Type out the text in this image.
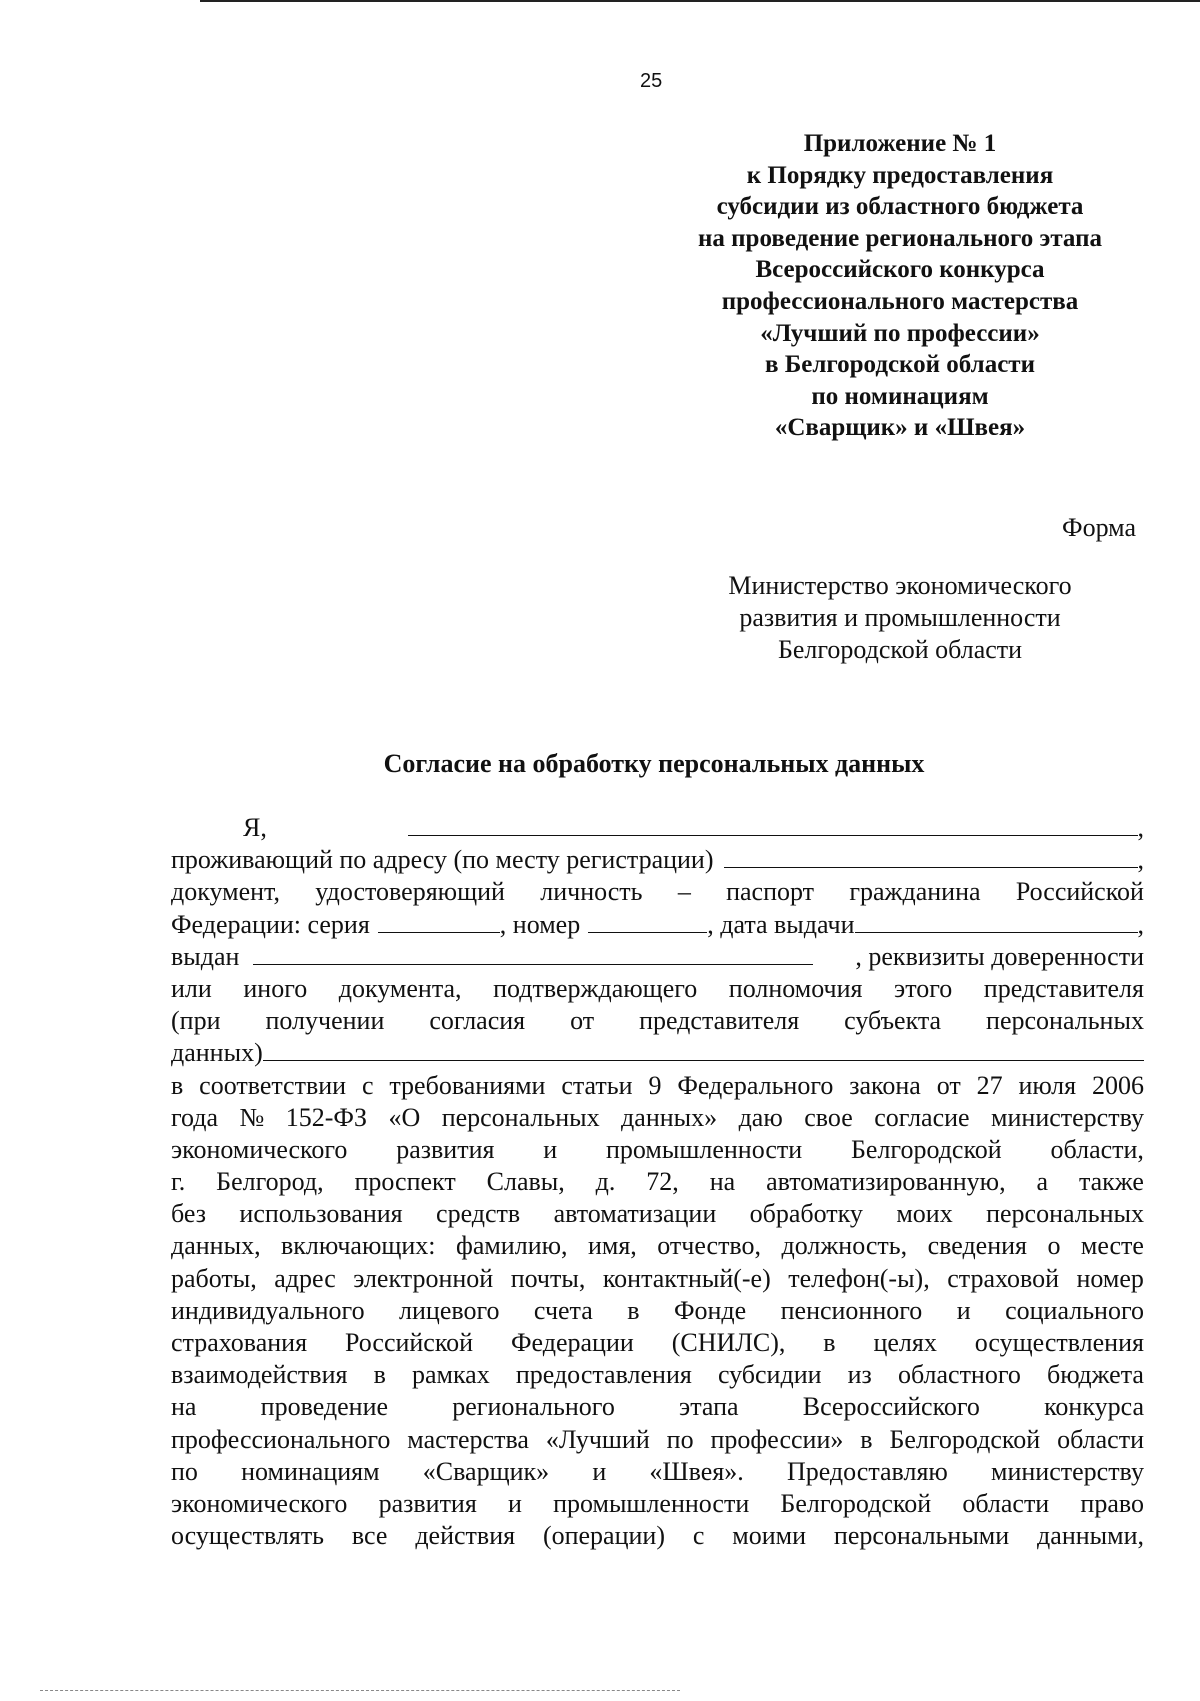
25
Приложение № 1
к Порядку предоставления
субсидии из областного бюджета
на проведение регионального этапа
Всероссийского конкурса
профессионального мастерства
«Лучший по профессии»
в Белгородской области
по номинациям
«Сварщик» и «Швея»
Форма
Министерство экономического
развития и промышленности
Белгородской области
Согласие на обработку персональных данных
Я,	,
проживающий по адресу (по месту регистрации)	,
документ, удостоверяющий личность – паспорт гражданина Российской
Федерации: серия	, номер	, дата выдачи	,
выдан	, реквизиты доверенности
или иного документа, подтверждающего полномочия этого представителя
(при получении согласия от представителя субъекта персональных
данных)
в соответствии с требованиями статьи 9 Федерального закона от 27 июля 2006
года № 152-ФЗ «О персональных данных» даю свое согласие министерству
экономического развития и промышленности Белгородской области,
г. Белгород, проспект Славы, д. 72, на автоматизированную, а также
без использования средств автоматизации обработку моих персональных
данных, включающих: фамилию, имя, отчество, должность, сведения о месте
работы, адрес электронной почты, контактный(-е) телефон(-ы), страховой номер
индивидуального лицевого счета в Фонде пенсионного и социального
страхования Российской Федерации (СНИЛС), в целях осуществления
взаимодействия в рамках предоставления субсидии из областного бюджета
на проведение регионального этапа Всероссийского конкурса
профессионального мастерства «Лучший по профессии» в Белгородской области
по номинациям «Сварщик» и «Швея». Предоставляю министерству
экономического развития и промышленности Белгородской области право
осуществлять все действия (операции) с моими персональными данными,
